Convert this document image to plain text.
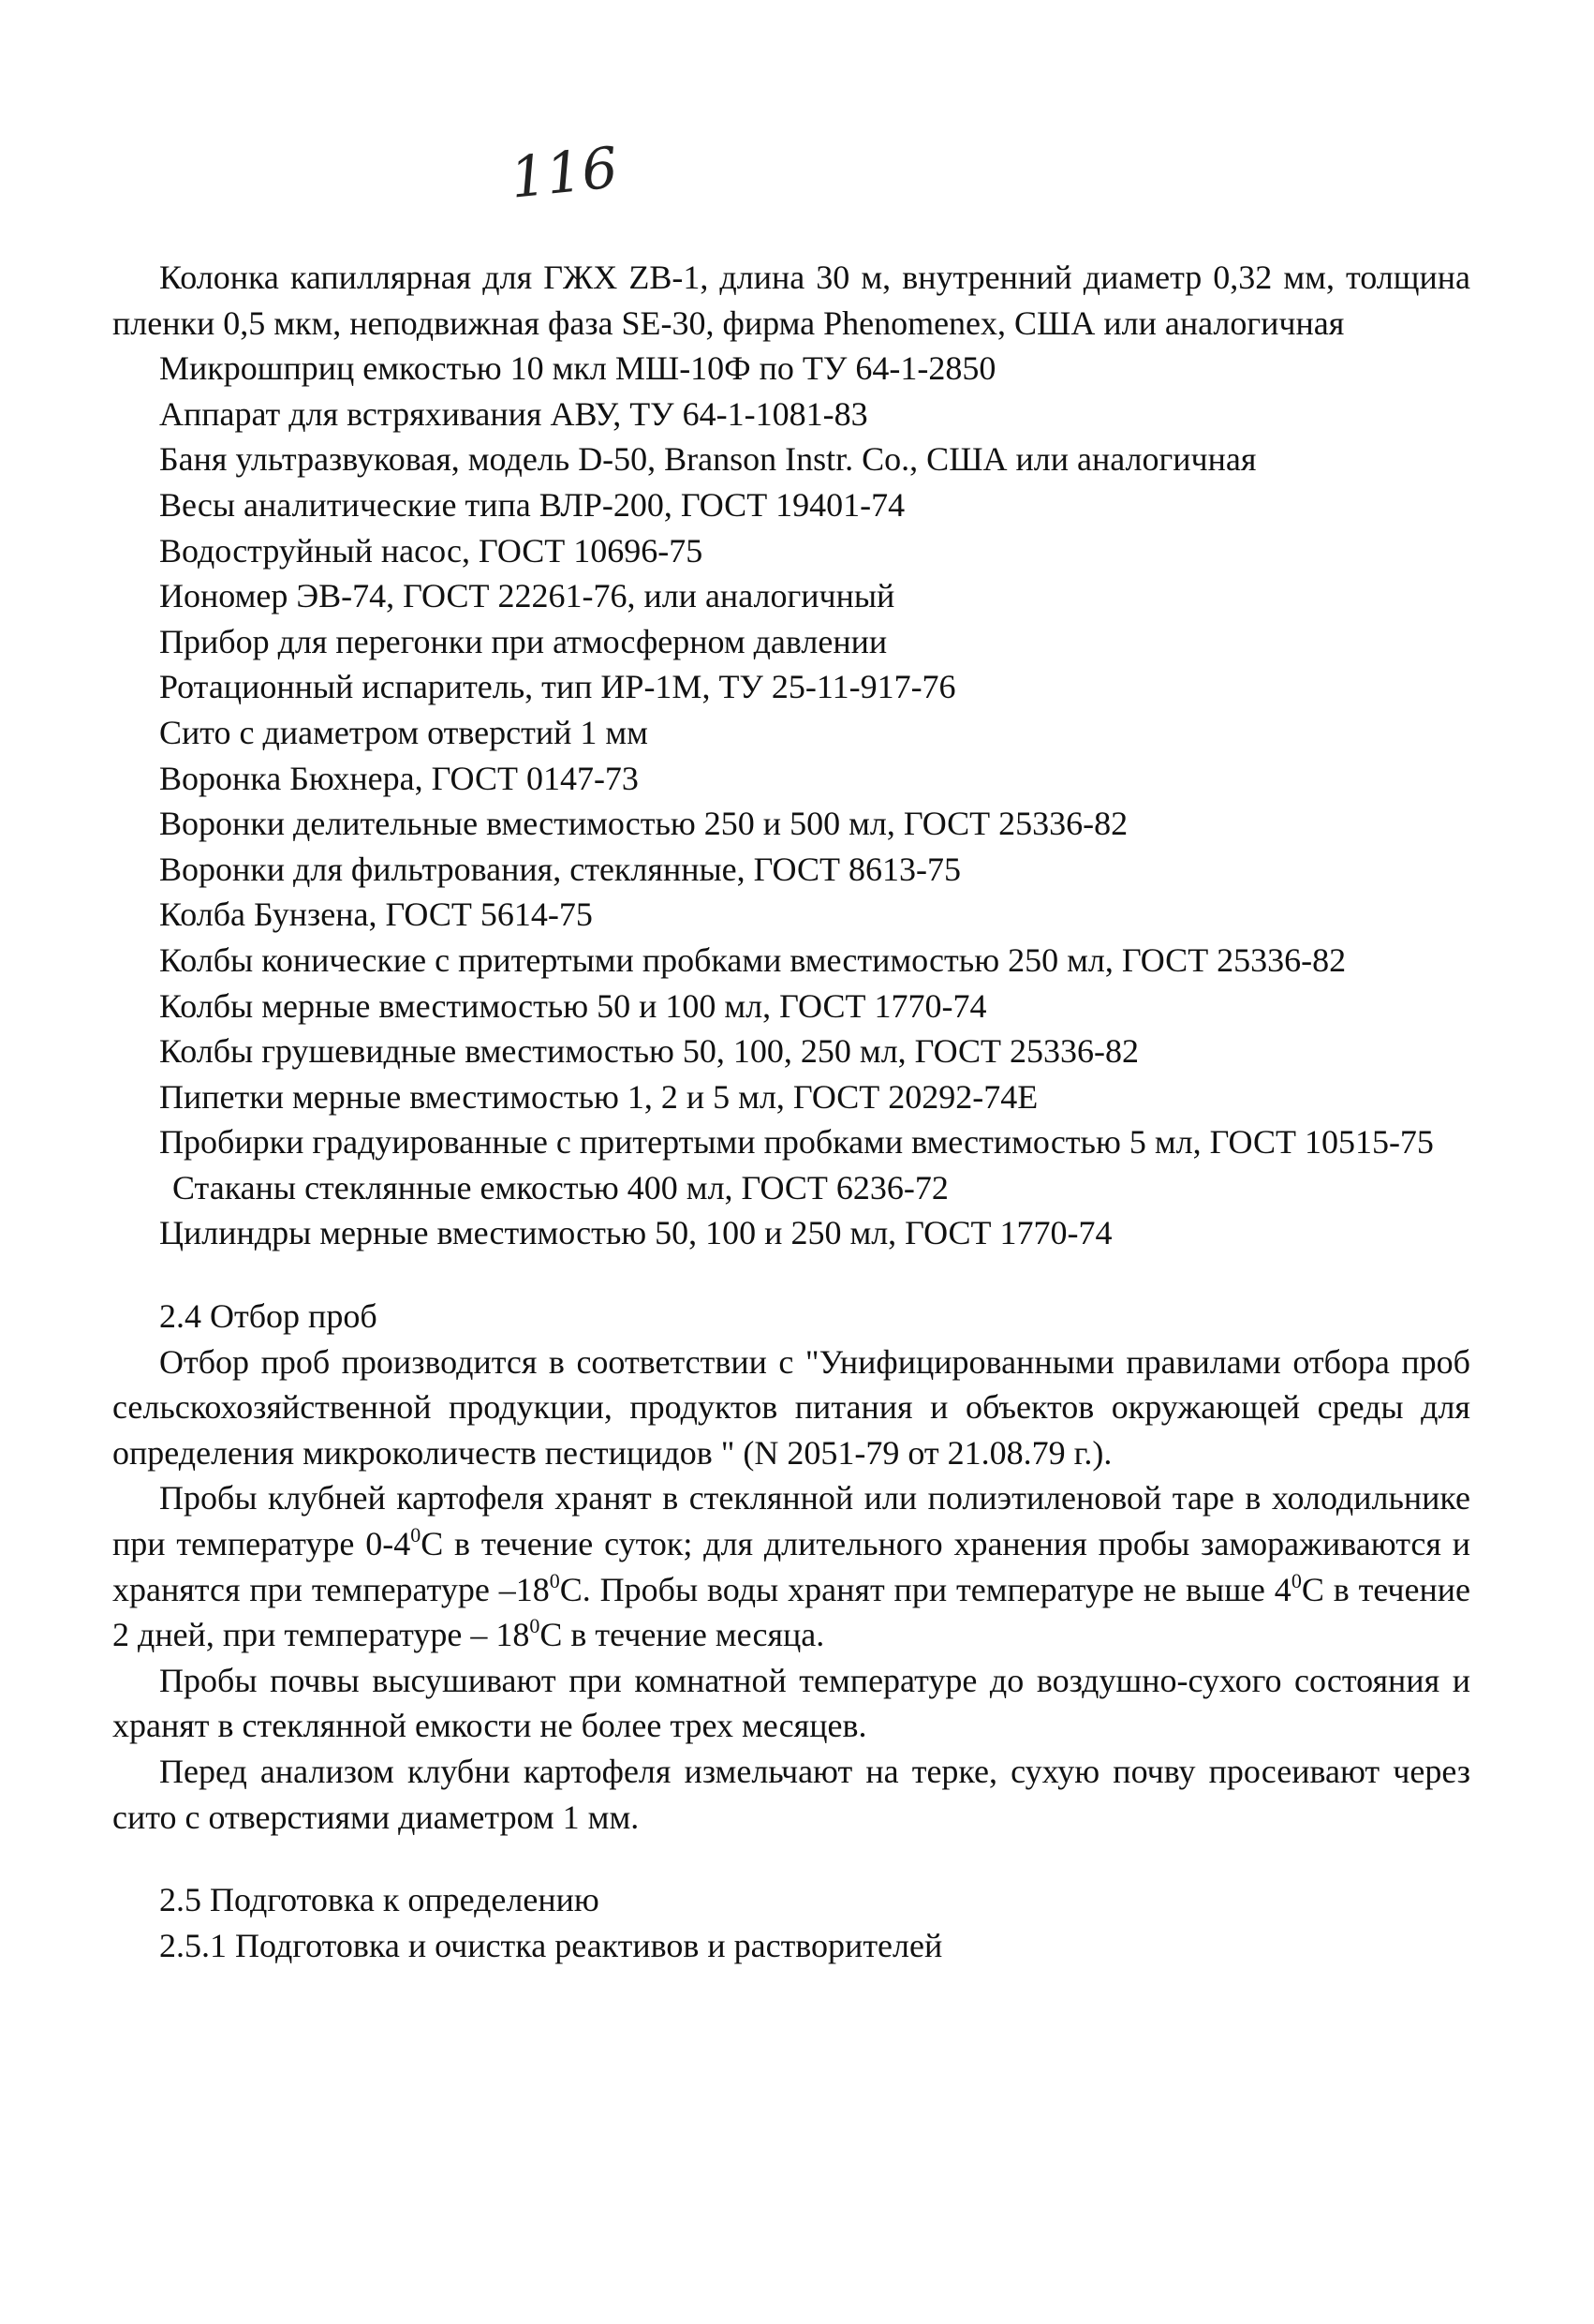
116

Колонка капиллярная для ГЖХ ZB-1, длина 30 м, внутренний диаметр 0,32 мм, толщина пленки 0,5 мкм, неподвижная фаза SE-30, фирма Phenomenex, США или аналогичная

Микрошприц емкостью 10 мкл МШ-10Ф по ТУ 64-1-2850

Аппарат для встряхивания АВУ, ТУ 64-1-1081-83

Баня ультразвуковая, модель D-50, Branson Instr. Co., США или аналогичная

Весы аналитические типа ВЛР-200, ГОСТ 19401-74

Водоструйный насос, ГОСТ 10696-75

Иономер ЭВ-74, ГОСТ 22261-76, или аналогичный

Прибор для перегонки при атмосферном давлении

Ротационный испаритель, тип ИР-1М, ТУ 25-11-917-76

Сито с диаметром отверстий 1 мм

Воронка Бюхнера, ГОСТ 0147-73

Воронки делительные вместимостью 250 и 500 мл, ГОСТ 25336-82

Воронки для фильтрования, стеклянные, ГОСТ 8613-75

Колба Бунзена, ГОСТ 5614-75

Колбы конические с притертыми пробками вместимостью 250 мл, ГОСТ 25336-82

Колбы мерные вместимостью 50 и 100 мл, ГОСТ 1770-74

Колбы грушевидные вместимостью 50, 100, 250 мл, ГОСТ 25336-82

Пипетки мерные вместимостью 1, 2 и 5 мл, ГОСТ 20292-74Е

Пробирки градуированные с притертыми пробками вместимостью 5 мл, ГОСТ 10515-75

Стаканы стеклянные емкостью 400 мл, ГОСТ 6236-72

Цилиндры мерные вместимостью 50, 100 и 250 мл, ГОСТ 1770-74

2.4 Отбор проб

Отбор проб производится в соответствии с "Унифицированными правилами отбора проб сельскохозяйственной продукции, продуктов питания и объектов окружающей среды для определения микроколичеств пестицидов " (N 2051-79 от 21.08.79 г.).

Пробы клубней картофеля хранят в стеклянной или полиэтиленовой таре в холодильнике при температуре $0-4^0C$ в течение суток; для длительного хранения пробы замораживаются и хранятся при температуре $-18^0C$. Пробы воды хранят при температуре не выше $4^0C$ в течение 2 дней, при температуре – $18^0C$ в течение месяца.

Пробы почвы высушивают при комнатной температуре до воздушно-сухого состояния и хранят в стеклянной емкости не более трех месяцев.

Перед анализом клубни картофеля измельчают на терке, сухую почву просеивают через сито с отверстиями диаметром 1 мм.

2.5 Подготовка к определению

2.5.1 Подготовка и очистка реактивов и растворителей
